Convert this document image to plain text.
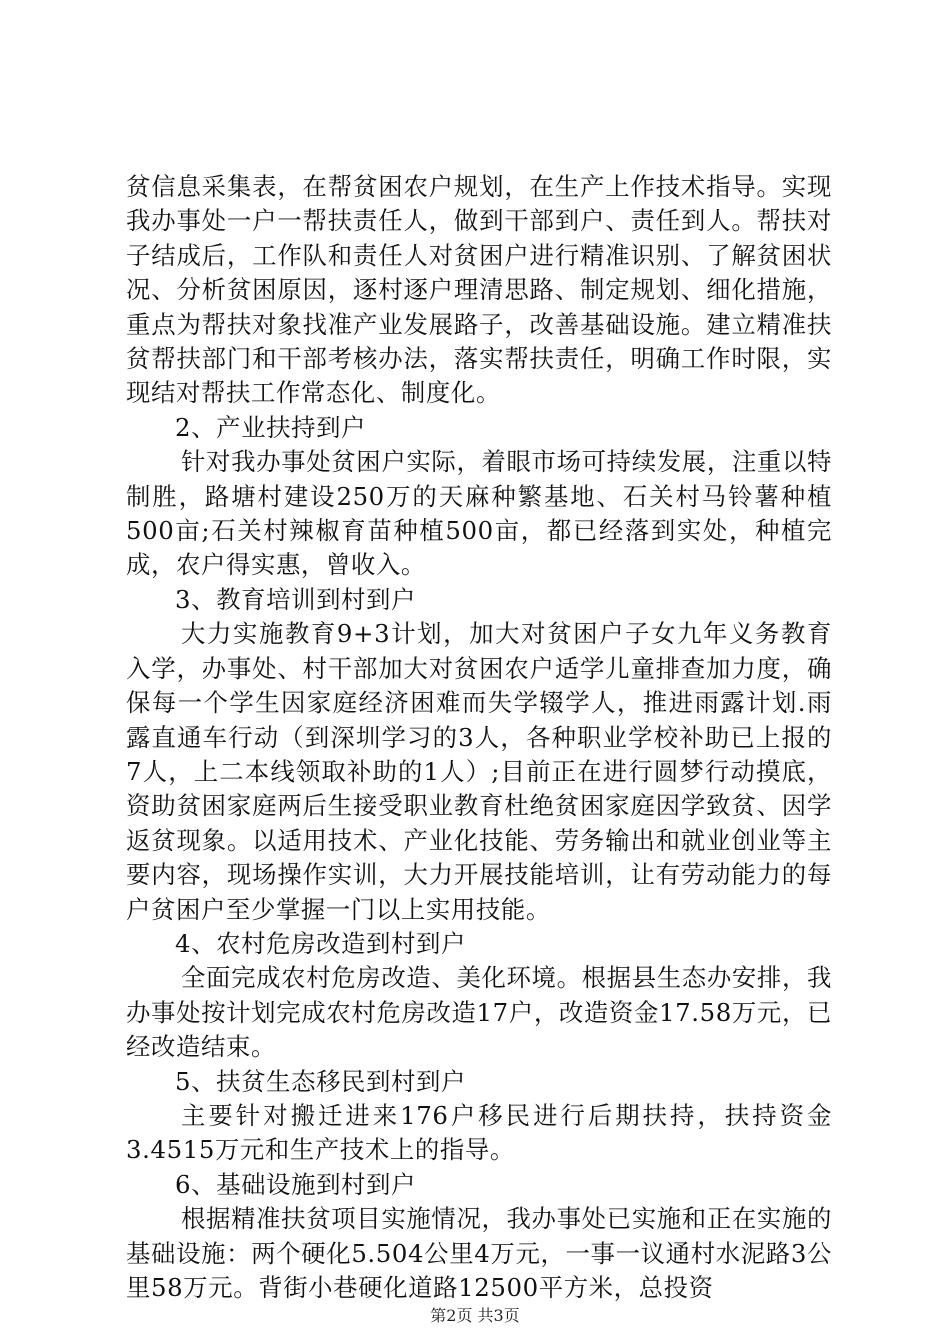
贫信息采集表，在帮贫困农户规划，在生产上作技术指导。实现我办事处一户一帮扶责任人，做到干部到户、责任到人。帮扶对子结成后，工作队和责任人对贫困户进行精准识别、了解贫困状况、分析贫困原因，逐村逐户理清思路、制定规划、细化措施，重点为帮扶对象找准产业发展路子，改善基础设施。建立精准扶贫帮扶部门和干部考核办法，落实帮扶责任，明确工作时限，实现结对帮扶工作常态化、制度化。

2、产业扶持到户

针对我办事处贫困户实际，着眼市场可持续发展，注重以特制胜，路塘村建设250万的天麻种繁基地、石关村马铃薯种植500亩;石关村辣椒育苗种植500亩，都已经落到实处，种植完成，农户得实惠，曾收入。

3、教育培训到村到户

大力实施教育9+3计划，加大对贫困户子女九年义务教育入学，办事处、村干部加大对贫困农户适学儿童排查加力度，确保每一个学生因家庭经济困难而失学辍学人，推进雨露计划.雨露直通车行动（到深圳学习的3人，各种职业学校补助已上报的7人，上二本线领取补助的1人）;目前正在进行圆梦行动摸底，资助贫困家庭两后生接受职业教育杜绝贫困家庭因学致贫、因学返贫现象。以适用技术、产业化技能、劳务输出和就业创业等主要内容，现场操作实训，大力开展技能培训，让有劳动能力的每户贫困户至少掌握一门以上实用技能。

4、农村危房改造到村到户

全面完成农村危房改造、美化环境。根据县生态办安排，我办事处按计划完成农村危房改造17户，改造资金17.58万元，已经改造结束。

5、扶贫生态移民到村到户

主要针对搬迁进来176户移民进行后期扶持，扶持资金3.4515万元和生产技术上的指导。

6、基础设施到村到户

根据精准扶贫项目实施情况，我办事处已实施和正在实施的基础设施：两个硬化5.504公里4万元，一事一议通村水泥路3公里58万元。背街小巷硬化道路12500平方米，总投资

第2页 共3页
